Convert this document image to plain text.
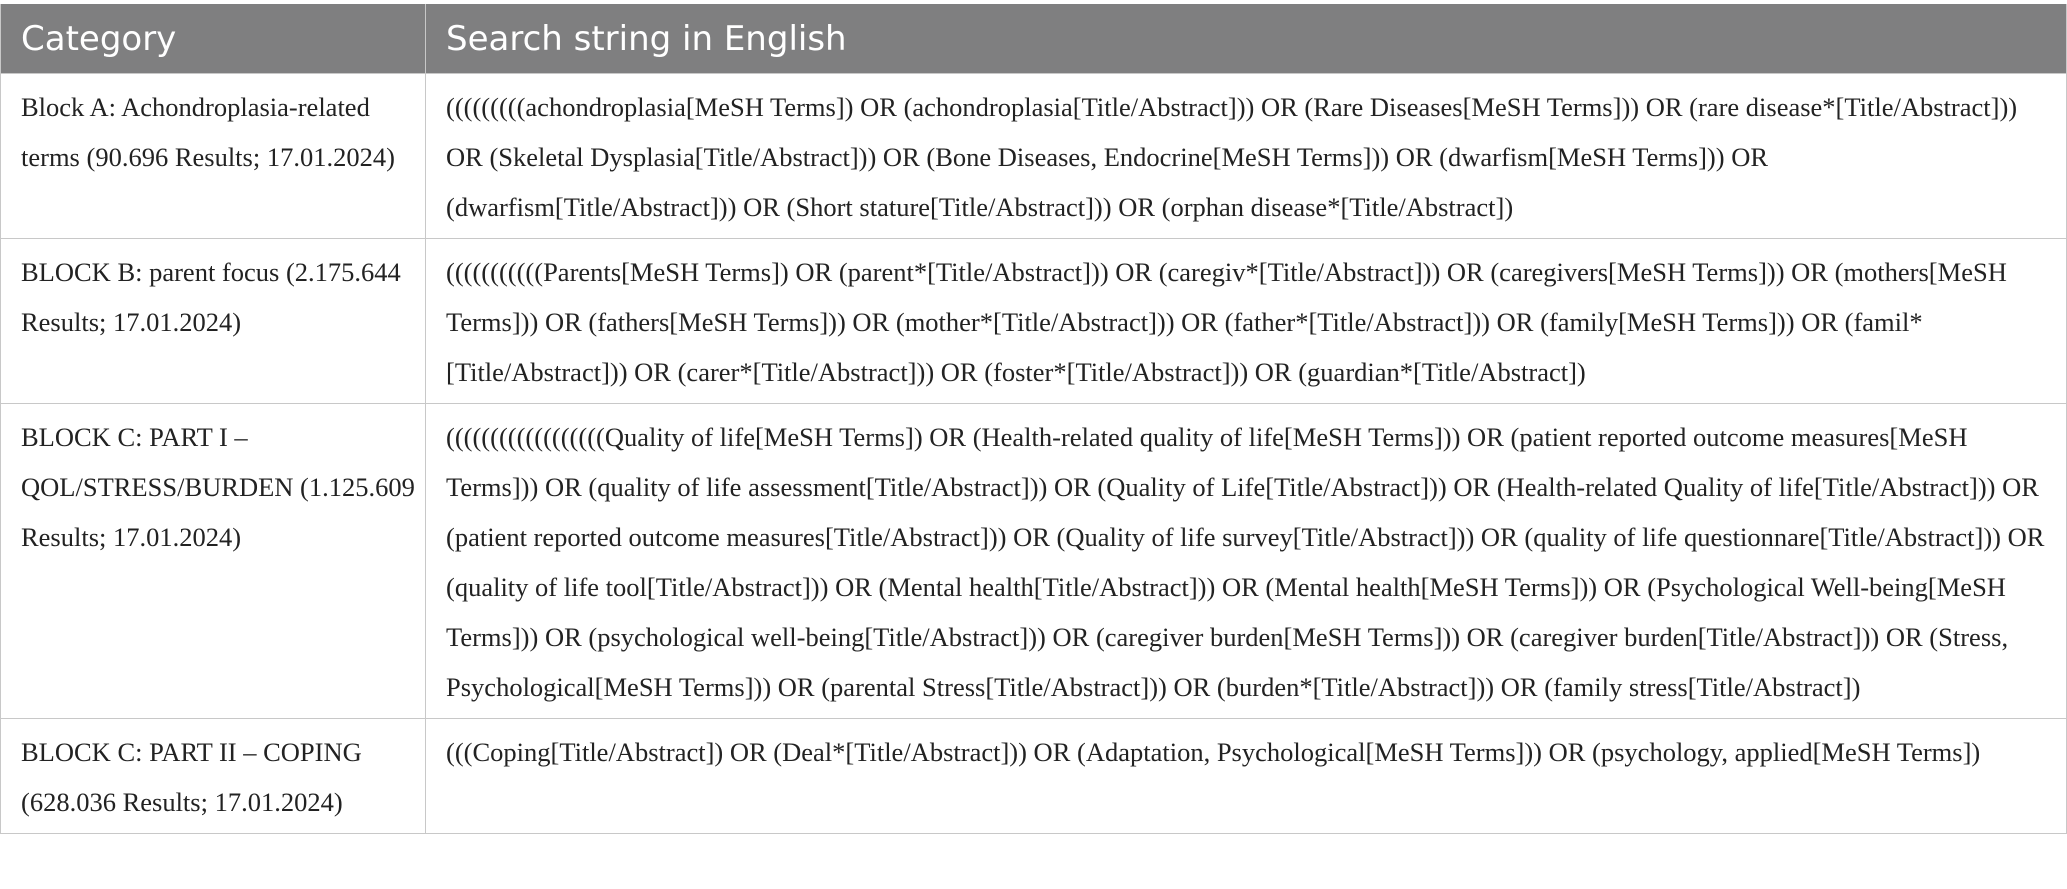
Category	Search string in English
Block A: Achondroplasia-related terms (90.696 Results; 17.01.2024)	(((((((((achondroplasia[MeSH Terms]) OR (achondroplasia[Title/Abstract])) OR (Rare Diseases[MeSH Terms])) OR (rare disease*[Title/Abstract])) OR (Skeletal Dysplasia[Title/Abstract])) OR (Bone Diseases, Endocrine[MeSH Terms])) OR (dwarfism[MeSH Terms])) OR (dwarfism[Title/Abstract])) OR (Short stature[Title/Abstract])) OR (orphan disease*[Title/Abstract])
BLOCK B: parent focus (2.175.644 Results; 17.01.2024)	(((((((((((Parents[MeSH Terms]) OR (parent*[Title/Abstract])) OR (caregiv*[Title/Abstract])) OR (caregivers[MeSH Terms])) OR (mothers[MeSH Terms])) OR (fathers[MeSH Terms])) OR (mother*[Title/Abstract])) OR (father*[Title/Abstract])) OR (family[MeSH Terms])) OR (famil*[Title/Abstract])) OR (carer*[Title/Abstract])) OR (foster*[Title/Abstract])) OR (guardian*[Title/Abstract])
BLOCK C: PART I – QOL/STRESS/BURDEN (1.125.609 Results; 17.01.2024)	((((((((((((((((((Quality of life[MeSH Terms]) OR (Health-related quality of life[MeSH Terms])) OR (patient reported outcome measures[MeSH Terms])) OR (quality of life assessment[Title/Abstract])) OR (Quality of Life[Title/Abstract])) OR (Health-related Quality of life[Title/Abstract])) OR (patient reported outcome measures[Title/Abstract])) OR (Quality of life survey[Title/Abstract])) OR (quality of life questionnare[Title/Abstract])) OR (quality of life tool[Title/Abstract])) OR (Mental health[Title/Abstract])) OR (Mental health[MeSH Terms])) OR (Psychological Well-being[MeSH Terms])) OR (psychological well-being[Title/Abstract])) OR (caregiver burden[MeSH Terms])) OR (caregiver burden[Title/Abstract])) OR (Stress, Psychological[MeSH Terms])) OR (parental Stress[Title/Abstract])) OR (burden*[Title/Abstract])) OR (family stress[Title/Abstract])
BLOCK C: PART II – COPING (628.036 Results; 17.01.2024)	(((Coping[Title/Abstract]) OR (Deal*[Title/Abstract])) OR (Adaptation, Psychological[MeSH Terms])) OR (psychology, applied[MeSH Terms])
